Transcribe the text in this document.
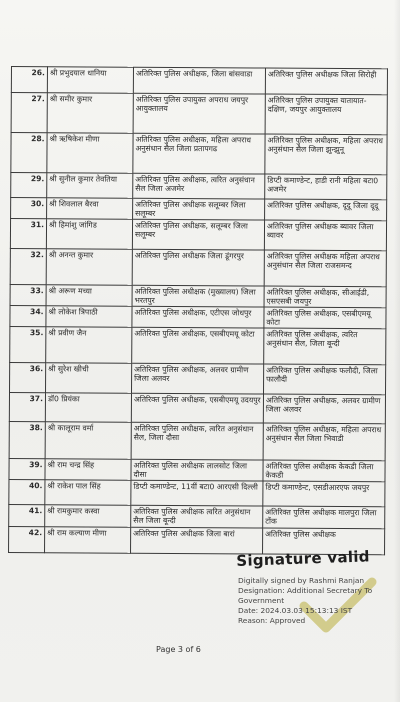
26.	श्री प्रभुदयाल धानिया	अतिरिक्त पुलिस अधीक्षक, जिला बांसवाडा	अतिरिक्त पुलिस अधीक्षक जिला सिरोही
27.	श्री समीर कुमार	अतिरिक्त पुलिस उपायुक्त अपराध जयपुर आयुक्तालय	अतिरिक्त पुलिस उपायुक्त यातायात-दक्षिण, जयपुर आयुक्तालय
28.	श्री ऋषिकेश मीणा	अतिरिक्त पुलिस अधीक्षक, महिला अपराध अनुसंधान सैल जिला प्रतापगढ	अतिरिक्त पुलिस अधीक्षक, महिला अपराध अनुसंधान सैल जिला झुन्झुनू
29.	श्री सुनील कुमार तेवतिया	अतिरिक्त पुलिस अधीक्षक, त्वरित अनुसंधान सैल जिला अजमेर	डिप्टी कमाण्डेन्ट, हाडी रानी महिला बटा0 अजमेर
30.	श्री शिवलाल बैरवा	अतिरिक्त पुलिस अधीक्षक सलूम्बर जिला सलूम्बर	अतिरिक्त पुलिस अधीक्षक, दूदू जिला दूदू
31.	श्री हिमांशु जांगिड	अतिरिक्त पुलिस अधीक्षक, सलूम्बर जिला सलूम्बर	अतिरिक्त पुलिस अधीक्षक ब्यावर जिला ब्यावर
32.	श्री अनन्त कुमार	अतिरिक्त पुलिस अधीक्षक जिला डूंगरपुर	अतिरिक्त पुलिस अधीक्षक महिला अपराध अनुसंधान सैल जिला राजसमन्द
33.	श्री अरूण मच्या	अतिरिक्त पुलिस अधीक्षक (मुख्यालय) जिला भरतपुर	अतिरिक्त पुलिस अधीक्षक, सीआईडी, एसएसबी जयपुर
34.	श्री लोकेश त्रिपाठी	अतिरिक्त पुलिस अधीक्षक, एटीएस जोधपुर	अतिरिक्त पुलिस अधीक्षक, एसबीएमयू कोटा
35.	श्री प्रवीण जैन	अतिरिक्त पुलिस अधीक्षक, एसबीएमयू कोटा	अतिरिक्त पुलिस अधीक्षक, त्वरित अनुसंधान सैल, जिला बून्दी
36.	श्री सुरेश खीची	अतिरिक्त पुलिस अधीक्षक, अलवर ग्रामीण जिला अलवर	अतिरिक्त पुलिस अधीक्षक फलौदी, जिला फालौदी
37.	डॉ0 प्रियंका	अतिरिक्त पुलिस अधीक्षक, एसबीएमयू उदयपुर	अतिरिक्त पुलिस अधीक्षक, अलवर ग्रामीण जिला अलवर
38.	श्री कालूराम वर्मा	अतिरिक्त पुलिस अधीक्षक, त्वरित अनुसंधान सैल, जिला दौसा	अतिरिक्त पुलिस अधीक्षक, महिला अपराध अनुसंधान सैल जिला भिवाडी
39.	श्री राम चन्द्र सिंह	अतिरिक्त पुलिस अधीक्षक लालसोट जिला दौसा	अतिरिक्त पुलिस अधीक्षक केकडी जिला केकडी
40.	श्री राकेश पाल सिंह	डिप्टी कमाण्डेन्ट, 11वीं बटा0 आरएसी दिल्ली	डिप्टी कमाण्डेन्ट, एसडीआरएफ जयपुर
41.	श्री रामकुमार कस्वा	अतिरिक्त पुलिस अधीक्षक त्वरित अनुसंधान सैल जिला बून्दी	अतिरिक्त पुलिस अधीक्षक मालपुरा जिला टोंक
42.	श्री राम कल्याण मीणा	अतिरिक्त पुलिस अधीक्षक जिला बारां	अतिरिक्त पुलिस अधीक्षक
Page 3 of 6
Signature valid
Digitally signed by Rashmi Ranjan
Designation: Additional Secretary To
Government
Date: 2024.03.03 15:13:13 IST
Reason: Approved
